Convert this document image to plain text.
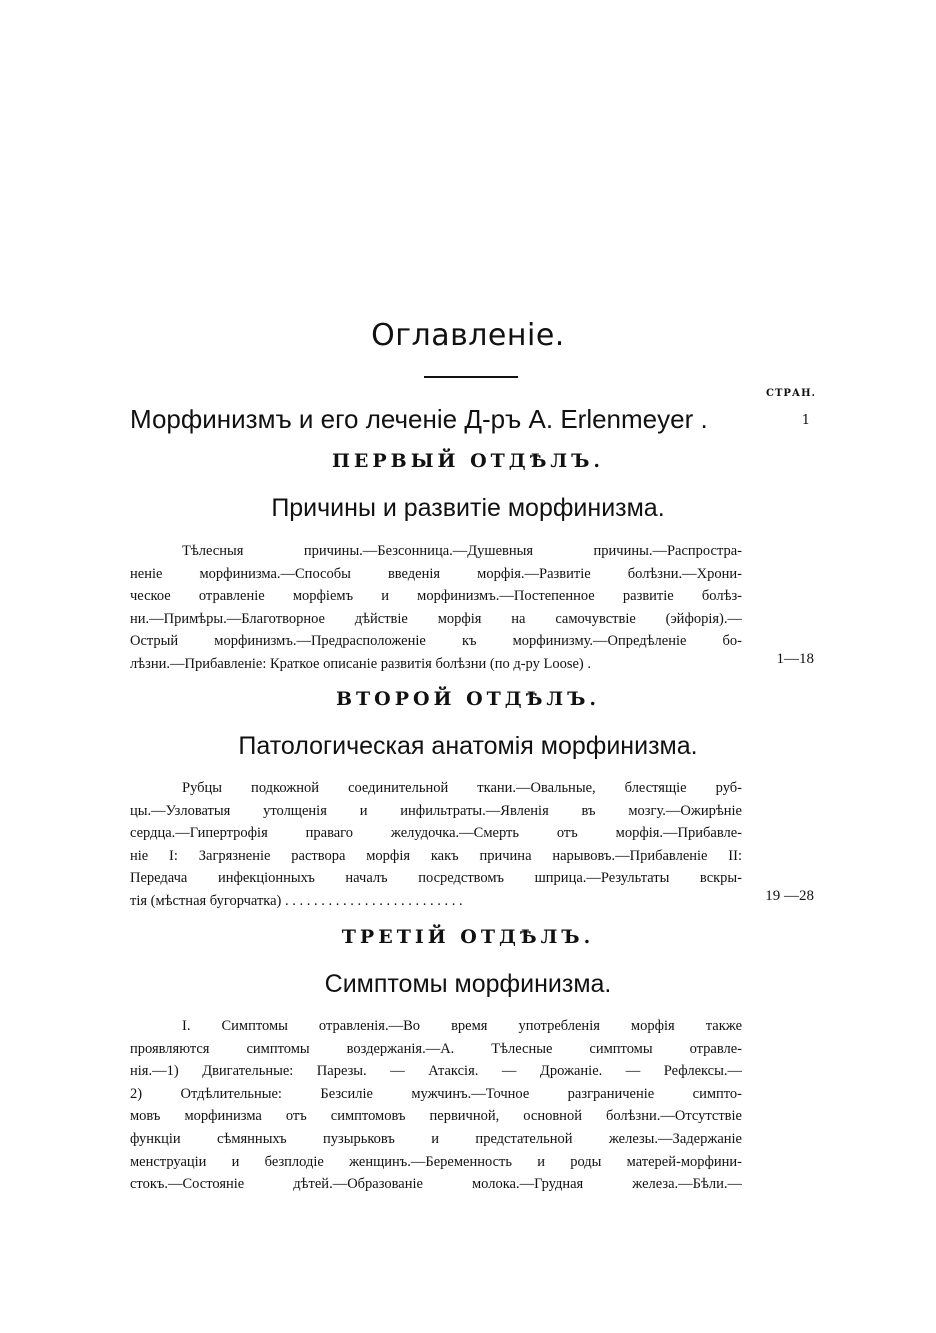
Оглавленiе.
СТРАН.
Морфинизмъ и его леченiе Д-ръ A. Erlenmeyer .	1
ПЕРВЫЙ ОТДѢЛЪ.
Причины и развитiе морфинизма.
Тѣлесныя причины.—Безсонница.—Душевныя причины.—Распростра-
ненiе морфинизма.—Способы введенiя морфiя.—Развитiе болѣзни.—Хрони-
ческое отравленiе морфiемъ и морфинизмъ.—Постепенное развитiе болѣз-
ни.—Примѣры.—Благотворное дѣйствiе морфiя на самочувствiе (эйфорiя).—
Острый морфинизмъ.—Предрасположенiе къ морфинизму.—Опредѣленiе бо-
лѣзни.—Прибавленiе: Краткое описанiе развитiя болѣзни (по д-ру Loose) .	1—18
ВТОРОЙ ОТДѢЛЪ.
Патологическая анатомiя морфинизма.
Рубцы подкожной соединительной ткани.—Овальные, блестящiе руб-
цы.—Узловатыя утолщенiя и инфильтраты.—Явленiя въ мозгу.—Ожирѣнiе
сердца.—Гипертрофiя праваго желудочка.—Смерть отъ морфiя.—Прибавле-
нiе I: Загрязненiе раствора морфiя какъ причина нарывовъ.—Прибавленiе II:
Передача инфекцiонныхъ началъ посредствомъ шприца.—Результаты вскры-
тiя (мѣстная бугорчатка) . . . . . . . . . . . . . . . . . . . . . . . . .	19 —28
ТРЕТIЙ ОТДѢЛЪ.
Симптомы морфинизма.
I. Симптомы отравленiя.—Во время употребленiя морфiя также
проявляются симптомы воздержанiя.—А. Тѣлесные симптомы отравле-
нiя.—1) Двигательные: Парезы. — Атаксiя. — Дрожанiе. — Рефлексы.—
2) Отдѣлительные: Безсилiе мужчинъ.—Точное разграниченiе симпто-
мовъ морфинизма отъ симптомовъ первичной, основной болѣзни.—Отсутствiе
функцiи сѣмянныхъ пузырьковъ и предстательной железы.—Задержанiе
менструацiи и безплодiе женщинъ.—Беременность и роды матерей-морфини-
стокъ.—Состоянiе дѣтей.—Образованiе молока.—Грудная железа.—Бѣли.—
